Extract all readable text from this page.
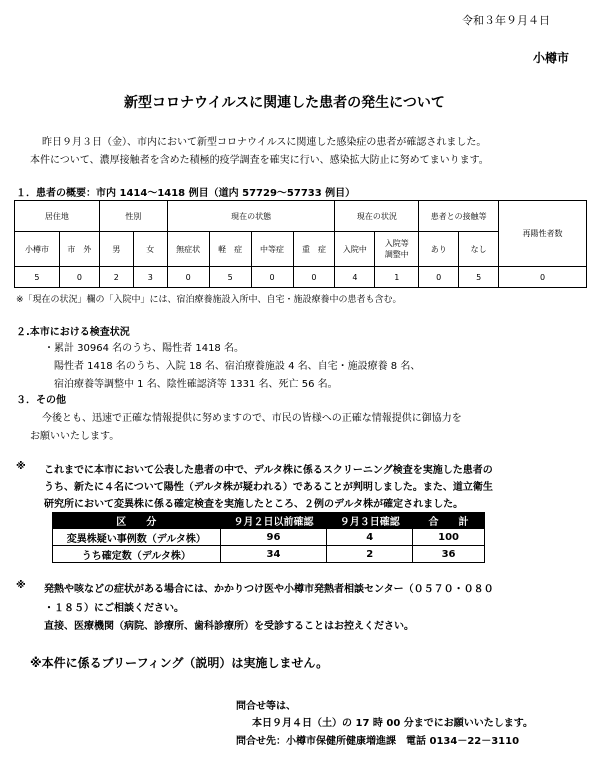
令和３年９月４日
小樽市
新型コロナウイルスに関連した患者の発生について
昨日９月３日（金）、市内において新型コロナウイルスに関連した感染症の患者が確認されました。
本件について、濃厚接触者を含めた積極的疫学調査を確実に行い、感染拡大防止に努めてまいります。
１．患者の概要：市内 1414～1418 例目（道内 57729～57733 例目）
居住地		性別		現在の状態				現在の状況		患者との接触等		再陽性者数
小樽市	市　外	男	女	無症状	軽　症	中等症	重　症	入院中	入院等
調整中	あり	なし	
5	0	2	3	0	5	0	0	4	1	0	5	0
※「現在の状況」欄の「入院中」には、宿泊療養施設入所中、自宅・施設療養中の患者も含む。
２.本市における検査状況
・累計 30964 名のうち、陽性者 1418 名。
陽性者 1418 名のうち、入院 18 名、宿泊療養施設 4 名、自宅・施設療養 8 名、
宿泊療養等調整中 1 名、陰性確認済等 1331 名、死亡 56 名。
３．その他
今後とも、迅速で正確な情報提供に努めますので、市民の皆様への正確な情報提供に御協力を
お願いいたします。
※ これまでに本市において公表した患者の中で、デルタ株に係るスクリーニング検査を実施した患者の
うち、新たに４名について陽性（デルタ株が疑われる）であることが判明しました。また、道立衛生
研究所において変異株に係る確定検査を実施したところ、２例のデルタ株が確定されました。
区　　分	９月２日以前確認	９月３日確認	合　　計
変異株疑い事例数（デルタ株）	96	4	100
うち確定数（デルタ株）	34	2	36
※ 発熱や咳などの症状がある場合には、かかりつけ医や小樽市発熱者相談センター（０５７０・０８０
・１８５）にご相談ください。
直接、医療機関（病院、診療所、歯科診療所）を受診することはお控えください。
※本件に係るブリーフィング（説明）は実施しません。
問合せ等は、
本日９月４日（土）の 17 時 00 分までにお願いいたします。
問合せ先：小樽市保健所健康増進課　電話 0134－22－3110
